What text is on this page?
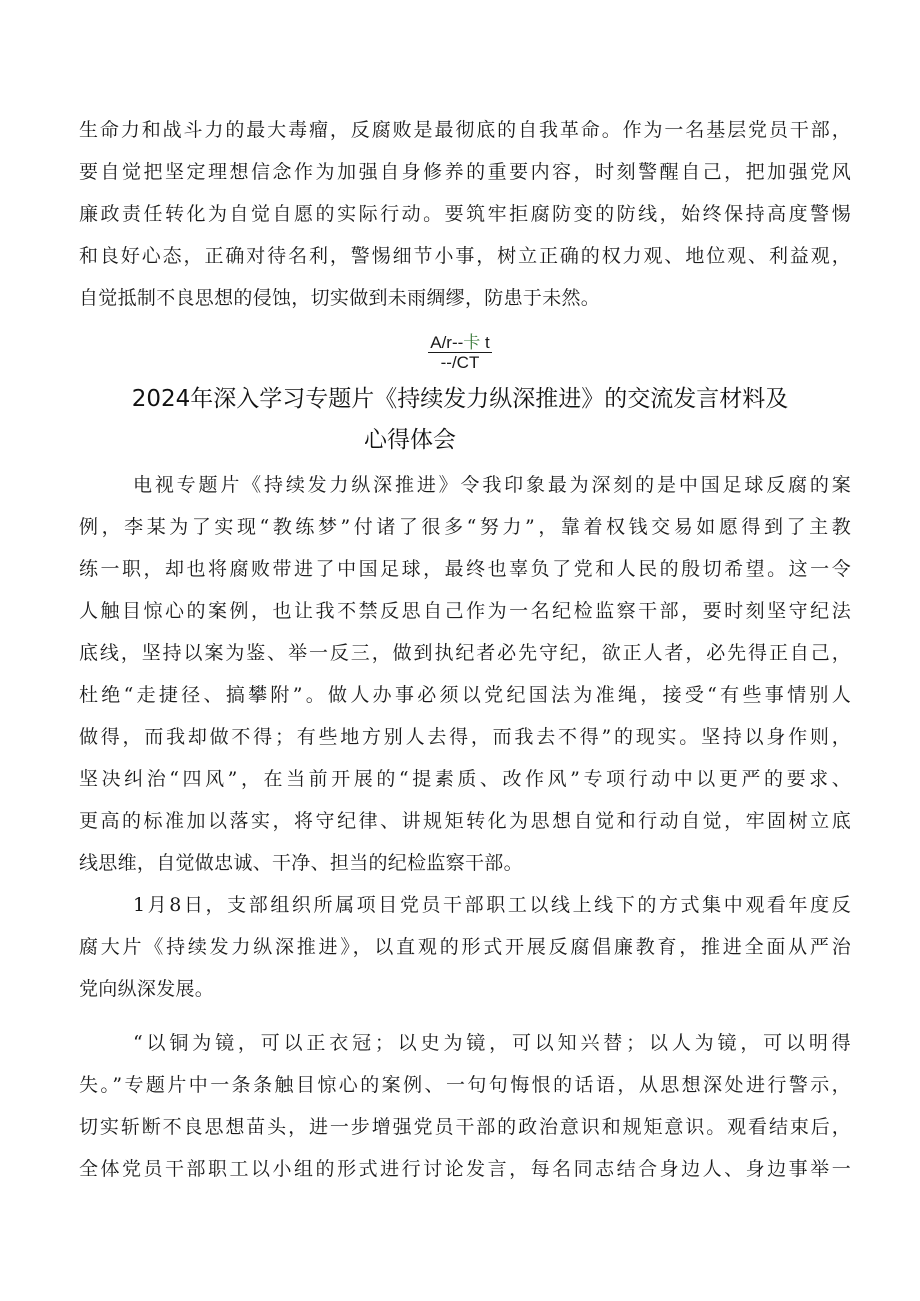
生命力和战斗力的最大毒瘤，反腐败是最彻底的自我革命。作为一名基层党员干部，
要自觉把坚定理想信念作为加强自身修养的重要内容，时刻警醒自己，把加强党风
廉政责任转化为自觉自愿的实际行动。要筑牢拒腐防变的防线，始终保持高度警惕
和良好心态，正确对待名利，警惕细节小事，树立正确的权力观、地位观、利益观，
自觉抵制不良思想的侵蚀，切实做到未雨绸缪，防患于未然。
A/r--卡 t
--/CT
2024年深入学习专题片《持续发力纵深推进》的交流发言材料及
心得体会
电视专题片《持续发力纵深推进》令我印象最为深刻的是中国足球反腐的案
例，李某为了实现“教练梦”付诸了很多“努力”，靠着权钱交易如愿得到了主教
练一职，却也将腐败带进了中国足球，最终也辜负了党和人民的殷切希望。这一令
人触目惊心的案例，也让我不禁反思自己作为一名纪检监察干部，要时刻坚守纪法
底线，坚持以案为鉴、举一反三，做到执纪者必先守纪，欲正人者，必先得正自己，
杜绝“走捷径、搞攀附”。做人办事必须以党纪国法为准绳，接受“有些事情别人
做得，而我却做不得；有些地方别人去得，而我去不得”的现实。坚持以身作则，
坚决纠治“四风”，在当前开展的“提素质、改作风”专项行动中以更严的要求、
更高的标准加以落实，将守纪律、讲规矩转化为思想自觉和行动自觉，牢固树立底
线思维，自觉做忠诚、干净、担当的纪检监察干部。
1月8日，支部组织所属项目党员干部职工以线上线下的方式集中观看年度反
腐大片《持续发力纵深推进》，以直观的形式开展反腐倡廉教育，推进全面从严治
党向纵深发展。
“以铜为镜，可以正衣冠；以史为镜，可以知兴替；以人为镜，可以明得
失。”专题片中一条条触目惊心的案例、一句句悔恨的话语，从思想深处进行警示，
切实斩断不良思想苗头，进一步增强党员干部的政治意识和规矩意识。观看结束后，
全体党员干部职工以小组的形式进行讨论发言，每名同志结合身边人、身边事举一
